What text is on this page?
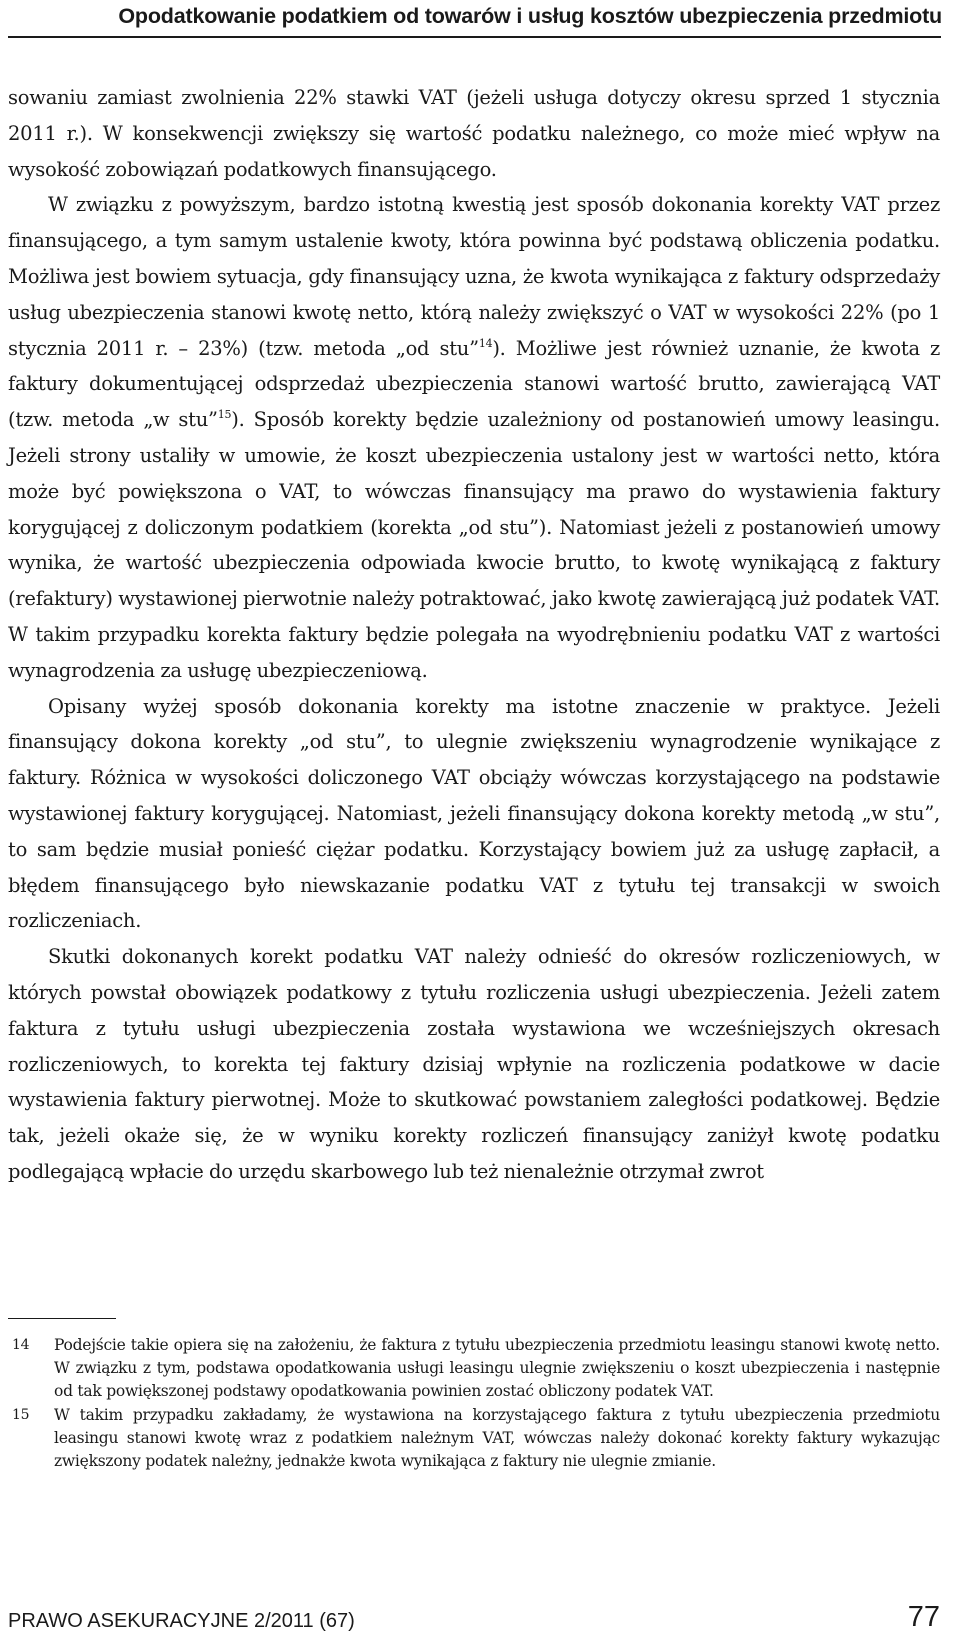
Opodatkowanie podatkiem od towarów i usług kosztów ubezpieczenia przedmiotu

sowaniu zamiast zwolnienia 22% stawki VAT (jeżeli usługa dotyczy okresu sprzed 1 stycznia 2011 r.). W konsekwencji zwiększy się wartość podatku należnego, co może mieć wpływ na wysokość zobowiązań podatkowych finansującego.

W związku z powyższym, bardzo istotną kwestią jest sposób dokonania korekty VAT przez finansującego, a tym samym ustalenie kwoty, która powinna być podstawą obliczenia podatku. Możliwa jest bowiem sytuacja, gdy finansujący uzna, że kwota wynikająca z faktury odsprzedaży usług ubezpieczenia stanowi kwotę netto, którą należy zwiększyć o VAT w wysokości 22% (po 1 stycznia 2011 r. – 23%) (tzw. metoda „od stu”$^{14}$). Możliwe jest również uznanie, że kwota z faktury dokumentującej odsprzedaż ubezpieczenia stanowi wartość brutto, zawierającą VAT (tzw. metoda „w stu”$^{15}$). Sposób korekty będzie uzależniony od postanowień umowy leasingu. Jeżeli strony ustaliły w umowie, że koszt ubezpieczenia ustalony jest w wartości netto, która może być powiększona o VAT, to wówczas finansujący ma prawo do wystawienia faktury korygującej z doliczonym podatkiem (korekta „od stu”). Natomiast jeżeli z postanowień umowy wynika, że wartość ubezpieczenia odpowiada kwocie brutto, to kwotę wynikającą z faktury (refaktury) wystawionej pierwotnie należy potraktować, jako kwotę zawierającą już podatek VAT. W takim przypadku korekta faktury będzie polegała na wyodrębnieniu podatku VAT z wartości wynagrodzenia za usługę ubezpieczeniową.

Opisany wyżej sposób dokonania korekty ma istotne znaczenie w praktyce. Jeżeli finansujący dokona korekty „od stu”, to ulegnie zwiększeniu wynagrodzenie wynikające z faktury. Różnica w wysokości doliczonego VAT obciąży wówczas korzystającego na podstawie wystawionej faktury korygującej. Natomiast, jeżeli finansujący dokona korekty metodą „w stu”, to sam będzie musiał ponieść ciężar podatku. Korzystający bowiem już za usługę zapłacił, a błędem finansującego było niewskazanie podatku VAT z tytułu tej transakcji w swoich rozliczeniach.

Skutki dokonanych korekt podatku VAT należy odnieść do okresów rozliczeniowych, w których powstał obowiązek podatkowy z tytułu rozliczenia usługi ubezpieczenia. Jeżeli zatem faktura z tytułu usługi ubezpieczenia została wystawiona we wcześniejszych okresach rozliczeniowych, to korekta tej faktury dzisiaj wpłynie na rozliczenia podatkowe w dacie wystawienia faktury pierwotnej. Może to skutkować powstaniem zaległości podatkowej. Będzie tak, jeżeli okaże się, że w wyniku korekty rozliczeń finansujący zaniżył kwotę podatku podlegającą wpłacie do urzędu skarbowego lub też nienależnie otrzymał zwrot

14 Podejście takie opiera się na założeniu, że faktura z tytułu ubezpieczenia przedmiotu leasingu stanowi kwotę netto. W związku z tym, podstawa opodatkowania usługi leasingu ulegnie zwiększeniu o koszt ubezpieczenia i następnie od tak powiększonej podstawy opodatkowania powinien zostać obliczony podatek VAT.
15 W takim przypadku zakładamy, że wystawiona na korzystającego faktura z tytułu ubezpieczenia przedmiotu leasingu stanowi kwotę wraz z podatkiem należnym VAT, wówczas należy dokonać korekty faktury wykazując zwiększony podatek należny, jednakże kwota wynikająca z faktury nie ulegnie zmianie.
PRAWO ASEKURACYJNE 2/2011 (67)	77
